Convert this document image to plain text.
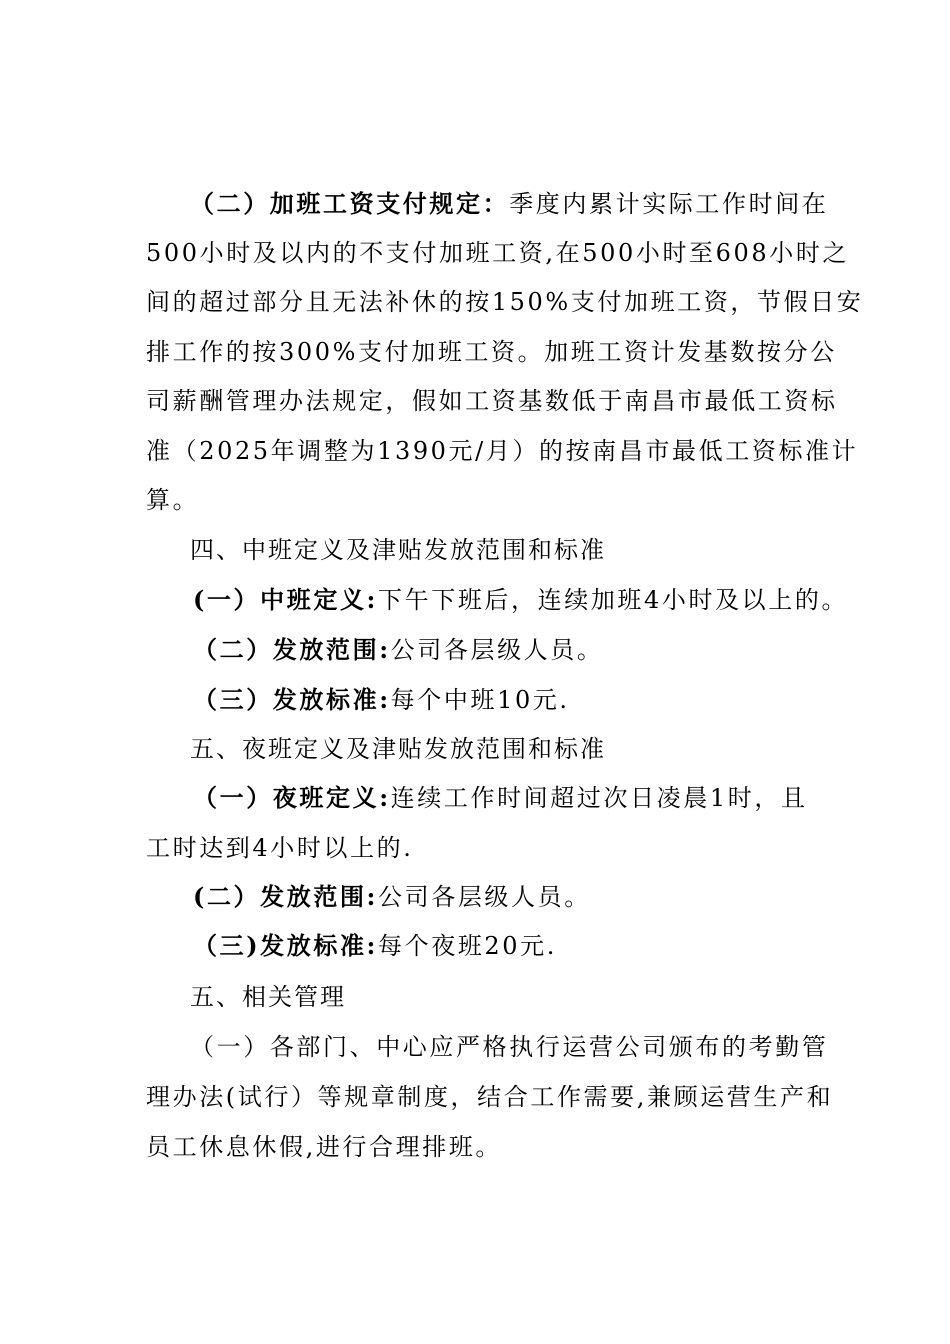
（二）加班工资支付规定：季度内累计实际工作时间在

500小时及以内的不支付加班工资,在500小时至608小时之

间的超过部分且无法补休的按150%支付加班工资，节假日安

排工作的按300%支付加班工资。加班工资计发基数按分公

司薪酬管理办法规定，假如工资基数低于南昌市最低工资标

准（2025年调整为1390元/月）的按南昌市最低工资标准计

算。

四、中班定义及津贴发放范围和标准

(一）中班定义:下午下班后，连续加班4小时及以上的。

（二）发放范围:公司各层级人员。

（三）发放标准:每个中班10元.

五、夜班定义及津贴发放范围和标准

（一）夜班定义:连续工作时间超过次日凌晨1时，且

工时达到4小时以上的.

(二）发放范围:公司各层级人员。

（三)发放标准:每个夜班20元.

五、相关管理

（一）各部门、中心应严格执行运营公司颁布的考勤管

理办法(试行）等规章制度，结合工作需要,兼顾运营生产和

员工休息休假,进行合理排班。
